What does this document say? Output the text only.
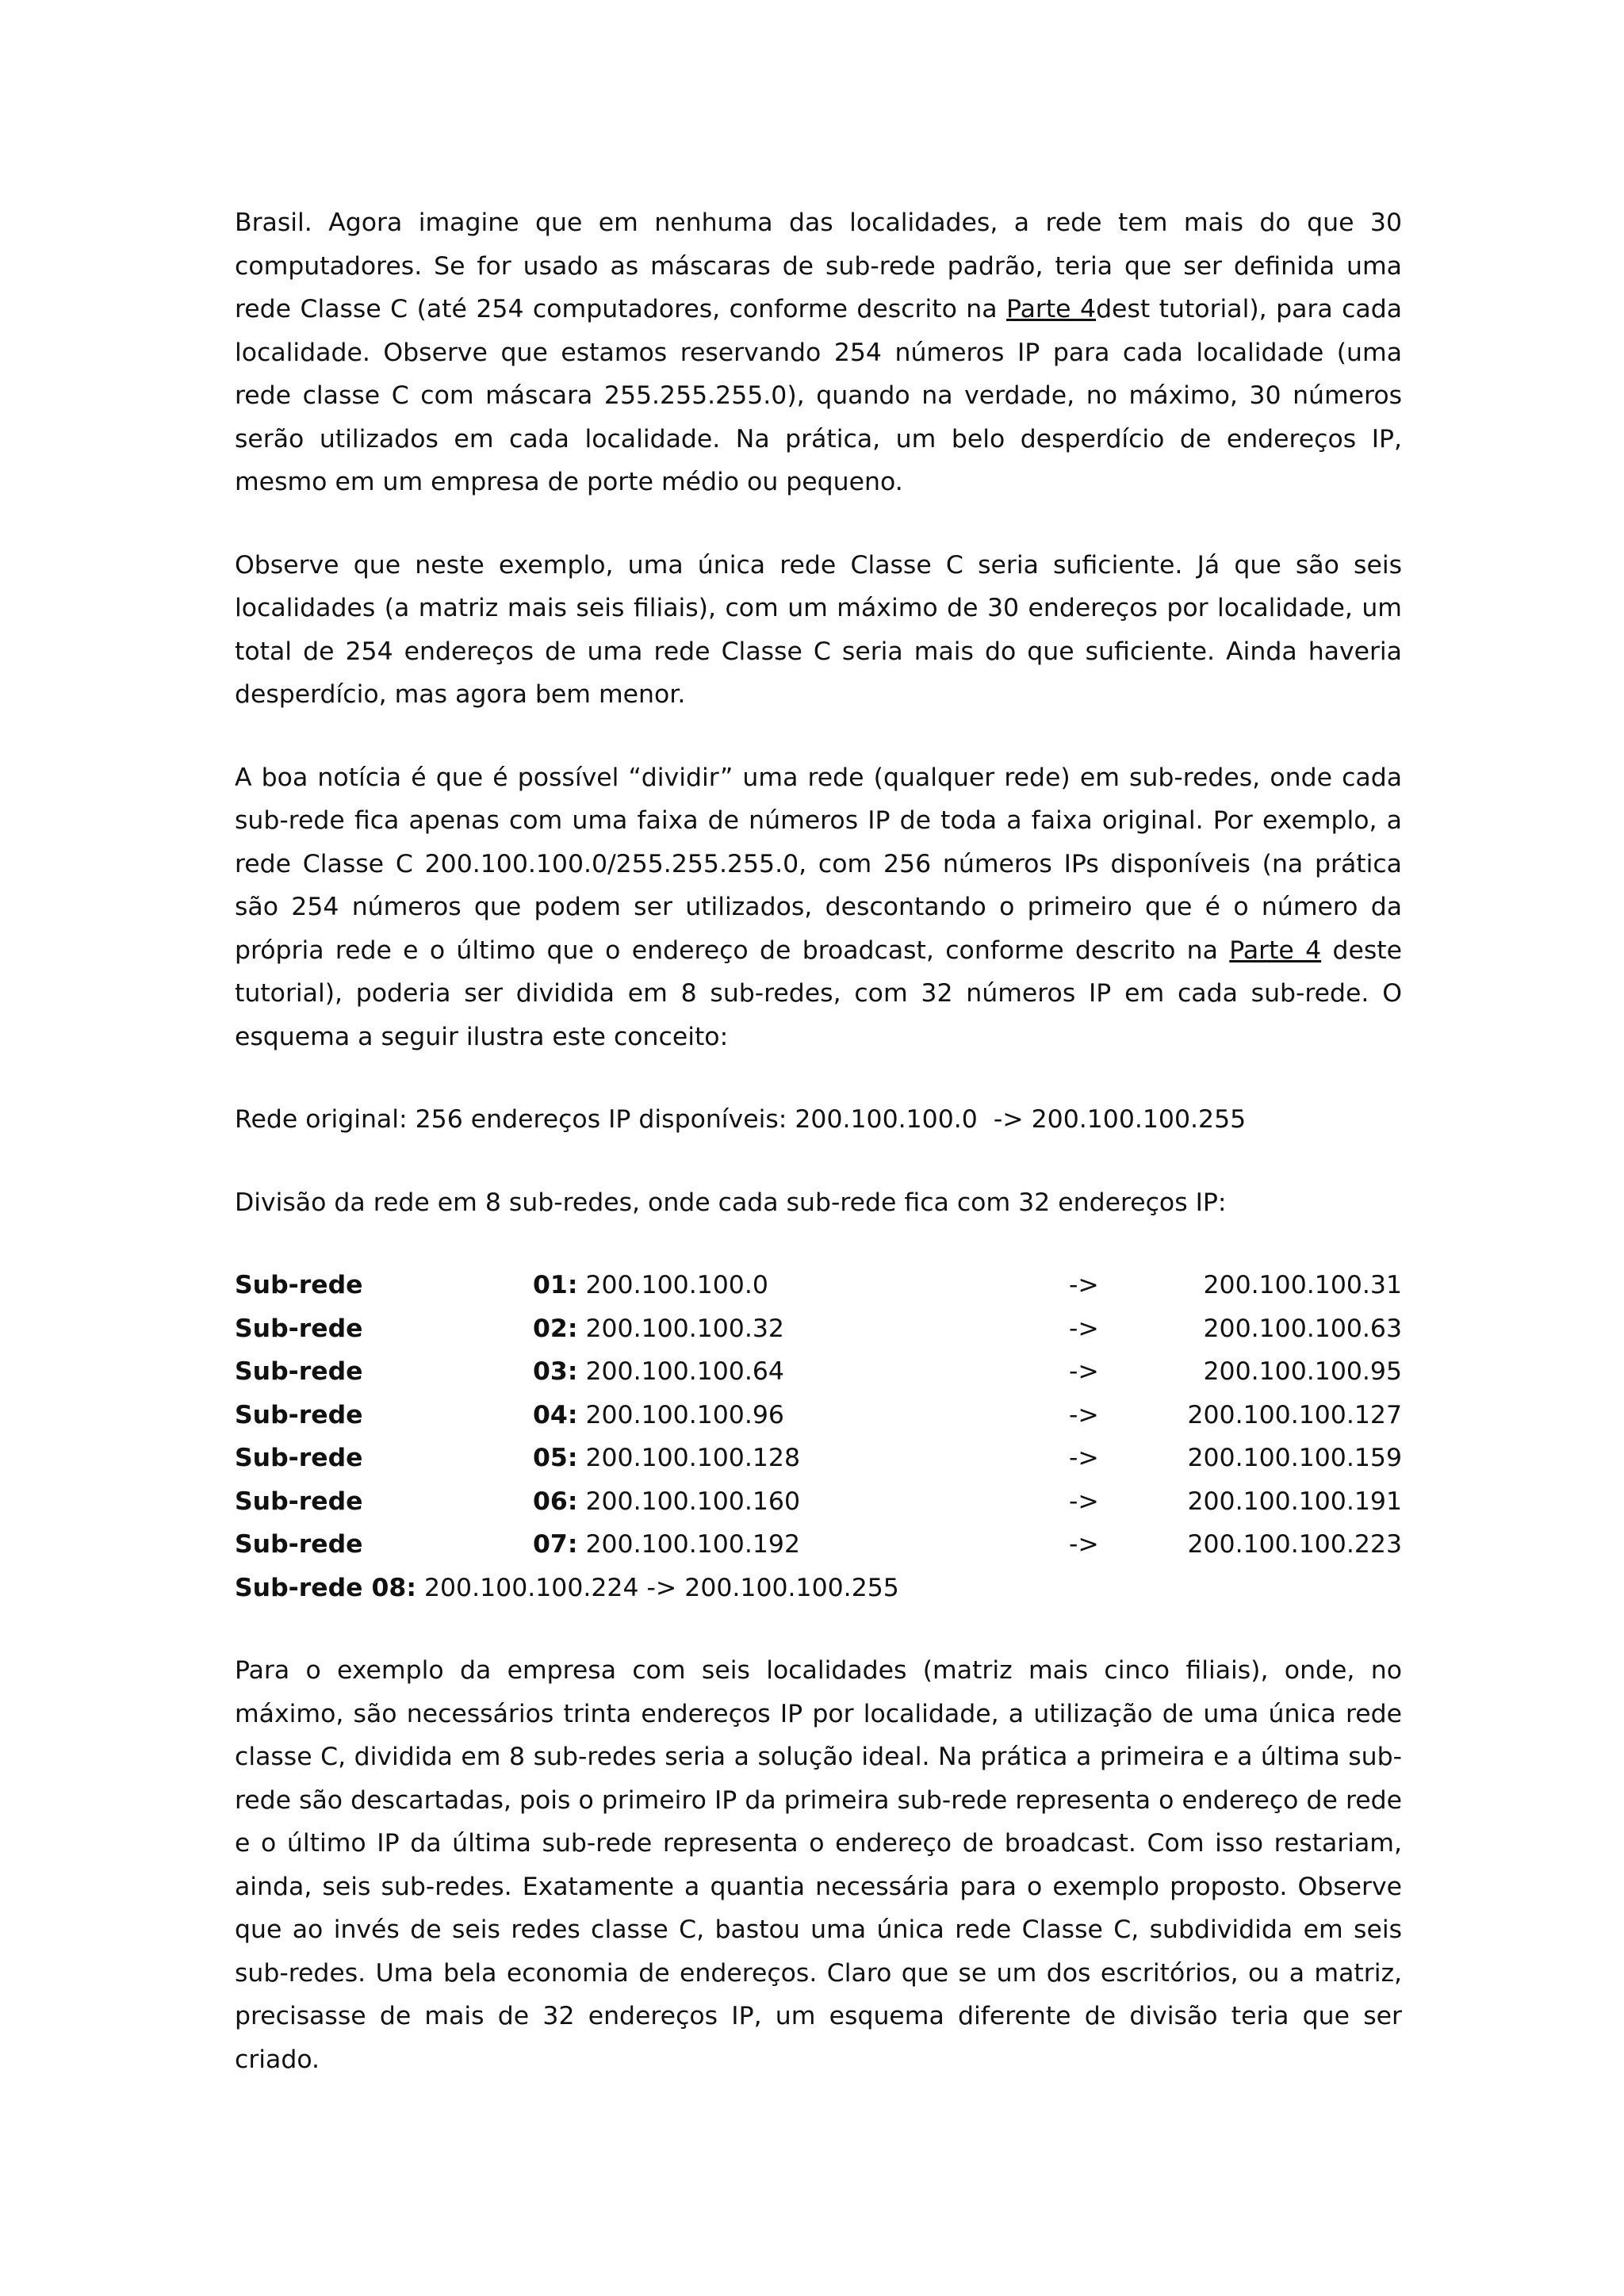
Brasil. Agora imagine que em nenhuma das localidades, a rede tem mais do que 30 computadores. Se for usado as máscaras de sub-rede padrão, teria que ser definida uma rede Classe C (até 254 computadores, conforme descrito na Parte 4dest tutorial), para cada localidade. Observe que estamos reservando 254 números IP para cada localidade (uma rede classe C com máscara 255.255.255.0), quando na verdade, no máximo, 30 números serão utilizados em cada localidade. Na prática, um belo desperdício de endereços IP, mesmo em um empresa de porte médio ou pequeno.

Observe que neste exemplo, uma única rede Classe C seria suficiente. Já que são seis localidades (a matriz mais seis filiais), com um máximo de 30 endereços por localidade, um total de 254 endereços de uma rede Classe C seria mais do que suficiente. Ainda haveria desperdício, mas agora bem menor.

A boa notícia é que é possível “dividir” uma rede (qualquer rede) em sub-redes, onde cada sub-rede fica apenas com uma faixa de números IP de toda a faixa original. Por exemplo, a rede Classe C 200.100.100.0/255.255.255.0, com 256 números IPs disponíveis (na prática são 254 números que podem ser utilizados, descontando o primeiro que é o número da própria rede e o último que o endereço de broadcast, conforme descrito na Parte 4 deste tutorial), poderia ser dividida em 8 sub-redes, com 32 números IP em cada sub-rede. O esquema a seguir ilustra este conceito:

Rede original: 256 endereços IP disponíveis: 200.100.100.0  -> 200.100.100.255

Divisão da rede em 8 sub-redes, onde cada sub-rede fica com 32 endereços IP:

Sub-rede	01: 200.100.100.0	->	200.100.100.31
Sub-rede	02: 200.100.100.32	->	200.100.100.63
Sub-rede	03: 200.100.100.64	->	200.100.100.95
Sub-rede	04: 200.100.100.96	->	200.100.100.127
Sub-rede	05: 200.100.100.128	->	200.100.100.159
Sub-rede	06: 200.100.100.160	->	200.100.100.191
Sub-rede	07: 200.100.100.192	->	200.100.100.223
Sub-rede 08: 200.100.100.224 -> 200.100.100.255

Para o exemplo da empresa com seis localidades (matriz mais cinco filiais), onde, no máximo, são necessários trinta endereços IP por localidade, a utilização de uma única rede classe C, dividida em 8 sub-redes seria a solução ideal. Na prática a primeira e a última sub-rede são descartadas, pois o primeiro IP da primeira sub-rede representa o endereço de rede e o último IP da última sub-rede representa o endereço de broadcast. Com isso restariam, ainda, seis sub-redes. Exatamente a quantia necessária para o exemplo proposto. Observe que ao invés de seis redes classe C, bastou uma única rede Classe C, subdividida em seis sub-redes. Uma bela economia de endereços. Claro que se um dos escritórios, ou a matriz, precisasse de mais de 32 endereços IP, um esquema diferente de divisão teria que ser criado.
